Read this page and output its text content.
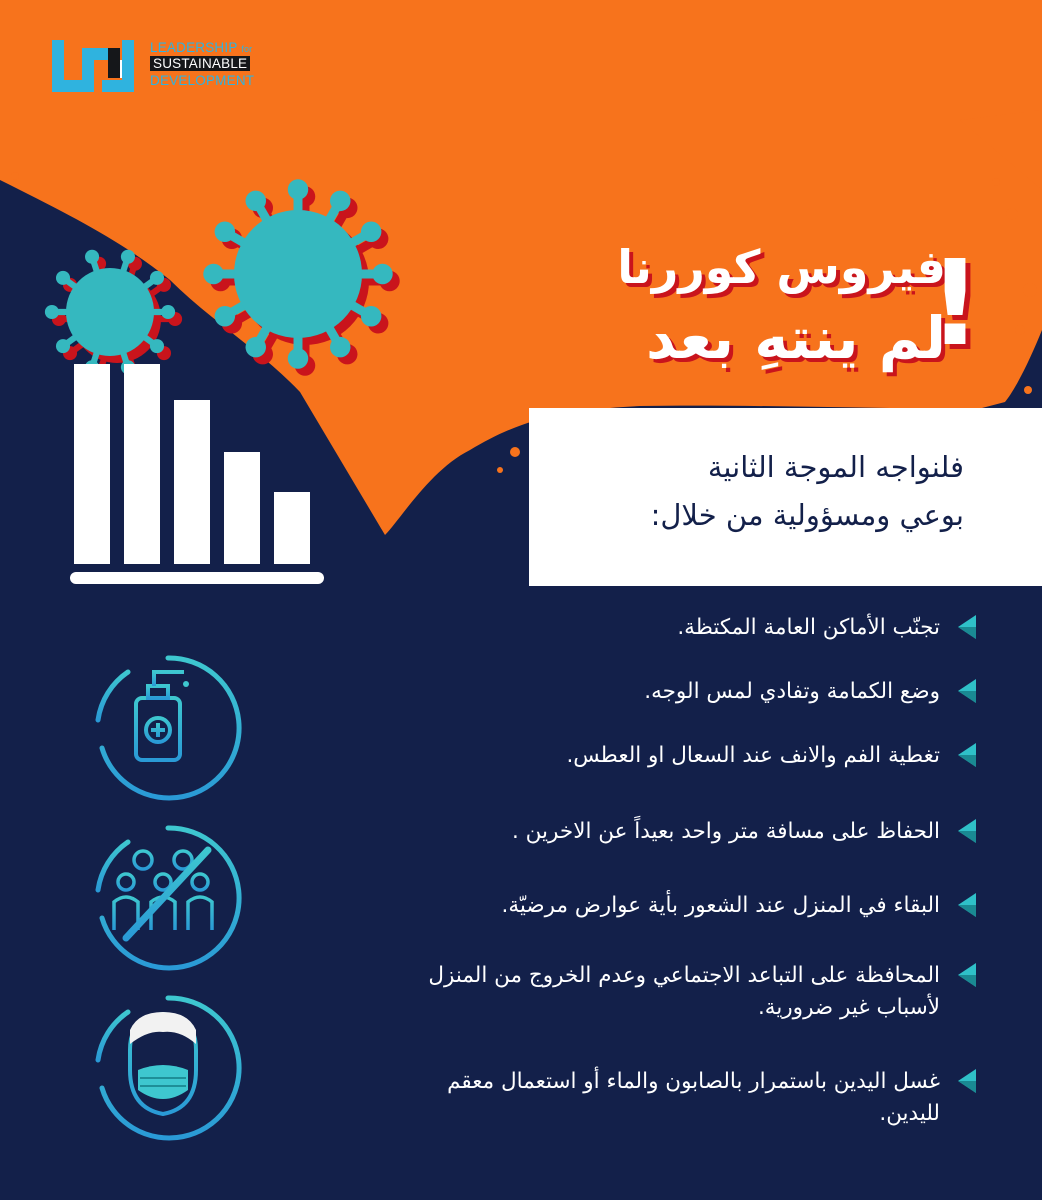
LEADERSHIP for
SUSTAINABLE
DEVELOPMENT
فيروس كوررنا
لم ينتهِ بعد
!
فلنواجه الموجة الثانية
بوعي ومسؤولية من خلال:
تجنّب الأماكن العامة المكتظة.
وضع الكمامة وتفادي لمس الوجه.
تغطية الفم والانف عند السعال او العطس.
الحفاظ على مسافة متر واحد بعيداً عن الاخرين .
البقاء في المنزل عند الشعور بأية عوارض مرضيّة.
المحافظة على التباعد الاجتماعي وعدم الخروج من المنزل لأسباب غير ضرورية.
غسل اليدين باستمرار بالصابون والماء أو استعمال معقم لليدين.
